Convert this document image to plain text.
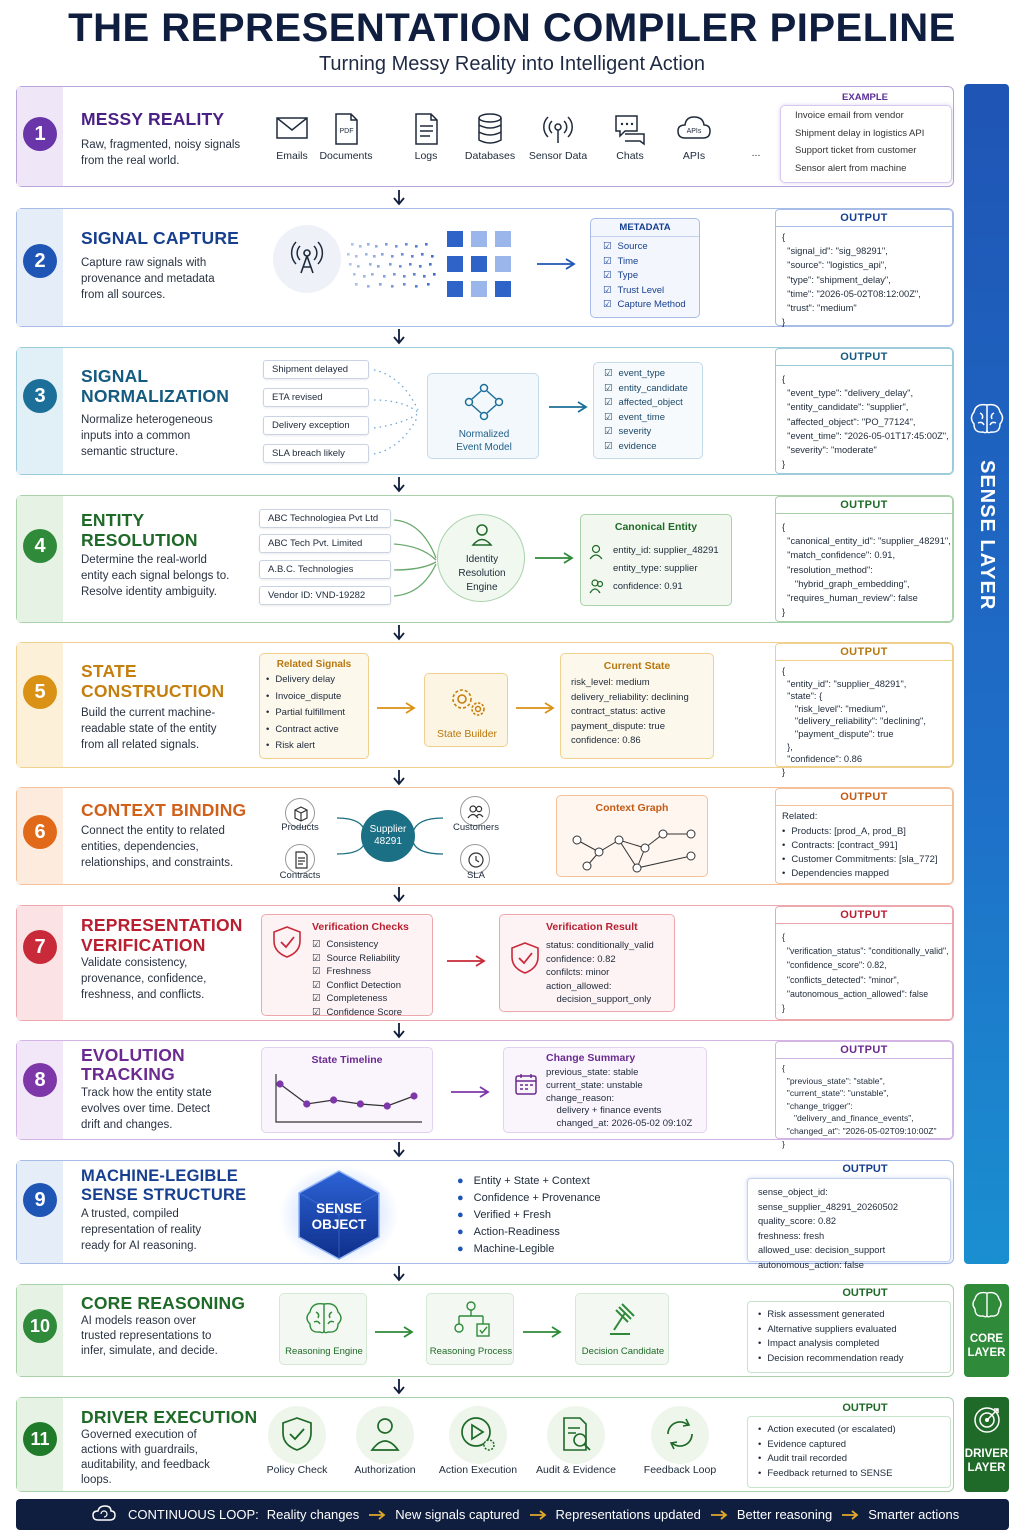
THE REPRESENTATION COMPILER PIPELINE
Turning Messy Reality into Intelligent Action
1
MESSY REALITY
Raw, fragmented, noisy signals from the real world.	Emails
PDF
Documents	Logs	Databases	Sensor Data	Chats
APIs
APIs	...
EXAMPLE
Invoice email from vendor
Shipment delay in logistics API
Support ticket from customer
Sensor alert from machine
2
SIGNAL CAPTURE
Capture raw signals with provenance and metadata from all sources.
METADATA
☑ Source
☑ Time
☑ Type
☑ Trust Level
☑ Capture Method
OUTPUT
{
"signal_id": "sig_98291",
"source": "logistics_api",
"type": "shipment_delay",
"time": "2026-05-02T08:12:00Z",
"trust": "medium"
}
3
SIGNAL
NORMALIZATION
Normalize heterogeneous inputs into a common semantic structure.
Shipment delayed
ETA revised
Delivery exception
SLA breach likely
Normalized
Event Model
☑ event_type
☑ entity_candidate
☑ affected_object
☑ event_time
☑ severity
☑ evidence
OUTPUT
{
"event_type": "delivery_delay",
"entity_candidate": "supplier",
"affected_object": "PO_77124",
"event_time": "2026-05-01T17:45:00Z",
"severity": "moderate"
}
4
ENTITY
RESOLUTION
Determine the real-world entity each signal belongs to. Resolve identity ambiguity.
ABC Technologiea Pvt Ltd
ABC Tech Pvt. Limited
A.B.C. Technologies
Vendor ID: VND-19282
Identity
Resolution
Engine
Canonical Entity
entity_id: supplier_48291
entity_type: supplier
confidence: 0.91
OUTPUT
{
"canonical_entity_id": "supplier_48291",
"match_confidence": 0.91,
"resolution_method":
"hybrid_graph_embedding",
"requires_human_review": false
}
5
STATE
CONSTRUCTION
Build the current machine-readable state of the entity from all related signals.
Related Signals
• Delivery delay
• Invoice_dispute
• Partial fulfillment
• Contract active
• Risk alert
State Builder
Current State
risk_level: medium
delivery_reliability: declining
contract_status: active
payment_dispute: true
confidence: 0.86
OUTPUT
{
"entity_id": "supplier_48291",
"state": {
"risk_level": "medium",
"delivery_reliability": "declining",
"payment_dispute": true
},
"confidence": 0.86
}
6
CONTEXT BINDING
Connect the entity to related entities, dependencies, relationships, and constraints.
Products
Contracts
Supplier
48291
Customers
SLA
Context Graph
OUTPUT
Related:
• Products: [prod_A, prod_B]
• Contracts: [contract_991]
• Customer Commitments: [sla_772]
• Dependencies mapped
7
REPRESENTATION
VERIFICATION
Validate consistency, provenance, confidence, freshness, and conflicts.
Verification Checks
☑ Consistency
☑ Source Reliability
☑ Freshness
☑ Conflict Detection
☑ Completeness
☑ Confidence Score
Verification Result
status: conditionally_valid
confidence: 0.82
confilcts: minor
action_allowed:
decision_support_only
OUTPUT
{
"verification_status": "conditionally_valid",
"confidence_score": 0.82,
"conflicts_detected": "minor",
"autonomous_action_allowed": false
}
8
EVOLUTION
TRACKING
Track how the entity state evolves over time. Detect drift and changes.
State Timeline	Change Summary
previous_state: stable
current_state: unstable
change_reason:
delivery + finance events
changed_at: 2026-05-02 09:10Z
OUTPUT
{
"previous_state": "stable",
"current_state": "unstable",
"change_trigger":
"delivery_and_finance_events",
"changed_at": "2026-05-02T09:10:00Z"
}
9
MACHINE-LEGIBLE
SENSE STRUCTURE
A trusted, compiled representation of reality ready for AI reasoning.
SENSE
OBJECT
● Entity + State + Context
● Confidence + Provenance
● Verified + Fresh
● Action-Readiness
● Machine-Legible
OUTPUT
sense_object_id: sense_supplier_48291_20260502
quality_score: 0.82
freshness: fresh
allowed_use: decision_support
autonomous_action: false
10
CORE REASONING
AI models reason over trusted representations to infer, simulate, and decide.	Reasoning Engine	Reasoning Process	Decision Candidate
OUTPUT
• Risk assessment generated
• Alternative suppliers evaluated
• Impact analysis completed
• Decision recommendation ready
11
DRIVER EXECUTION
Governed execution of actions with guardrails, auditability, and feedback loops.
Policy Check	Authorization	Action Execution	Audit & Evidence	Feedback Loop
OUTPUT
• Action executed (or escalated)
• Evidence captured
• Audit trail recorded
• Feedback returned to SENSE
SENSE LAYER
CORE
LAYER
DRIVER
LAYER
CONTINUOUS LOOP: Reality changes	New signals captured	Representations updated	Better reasoning	Smarter actions
